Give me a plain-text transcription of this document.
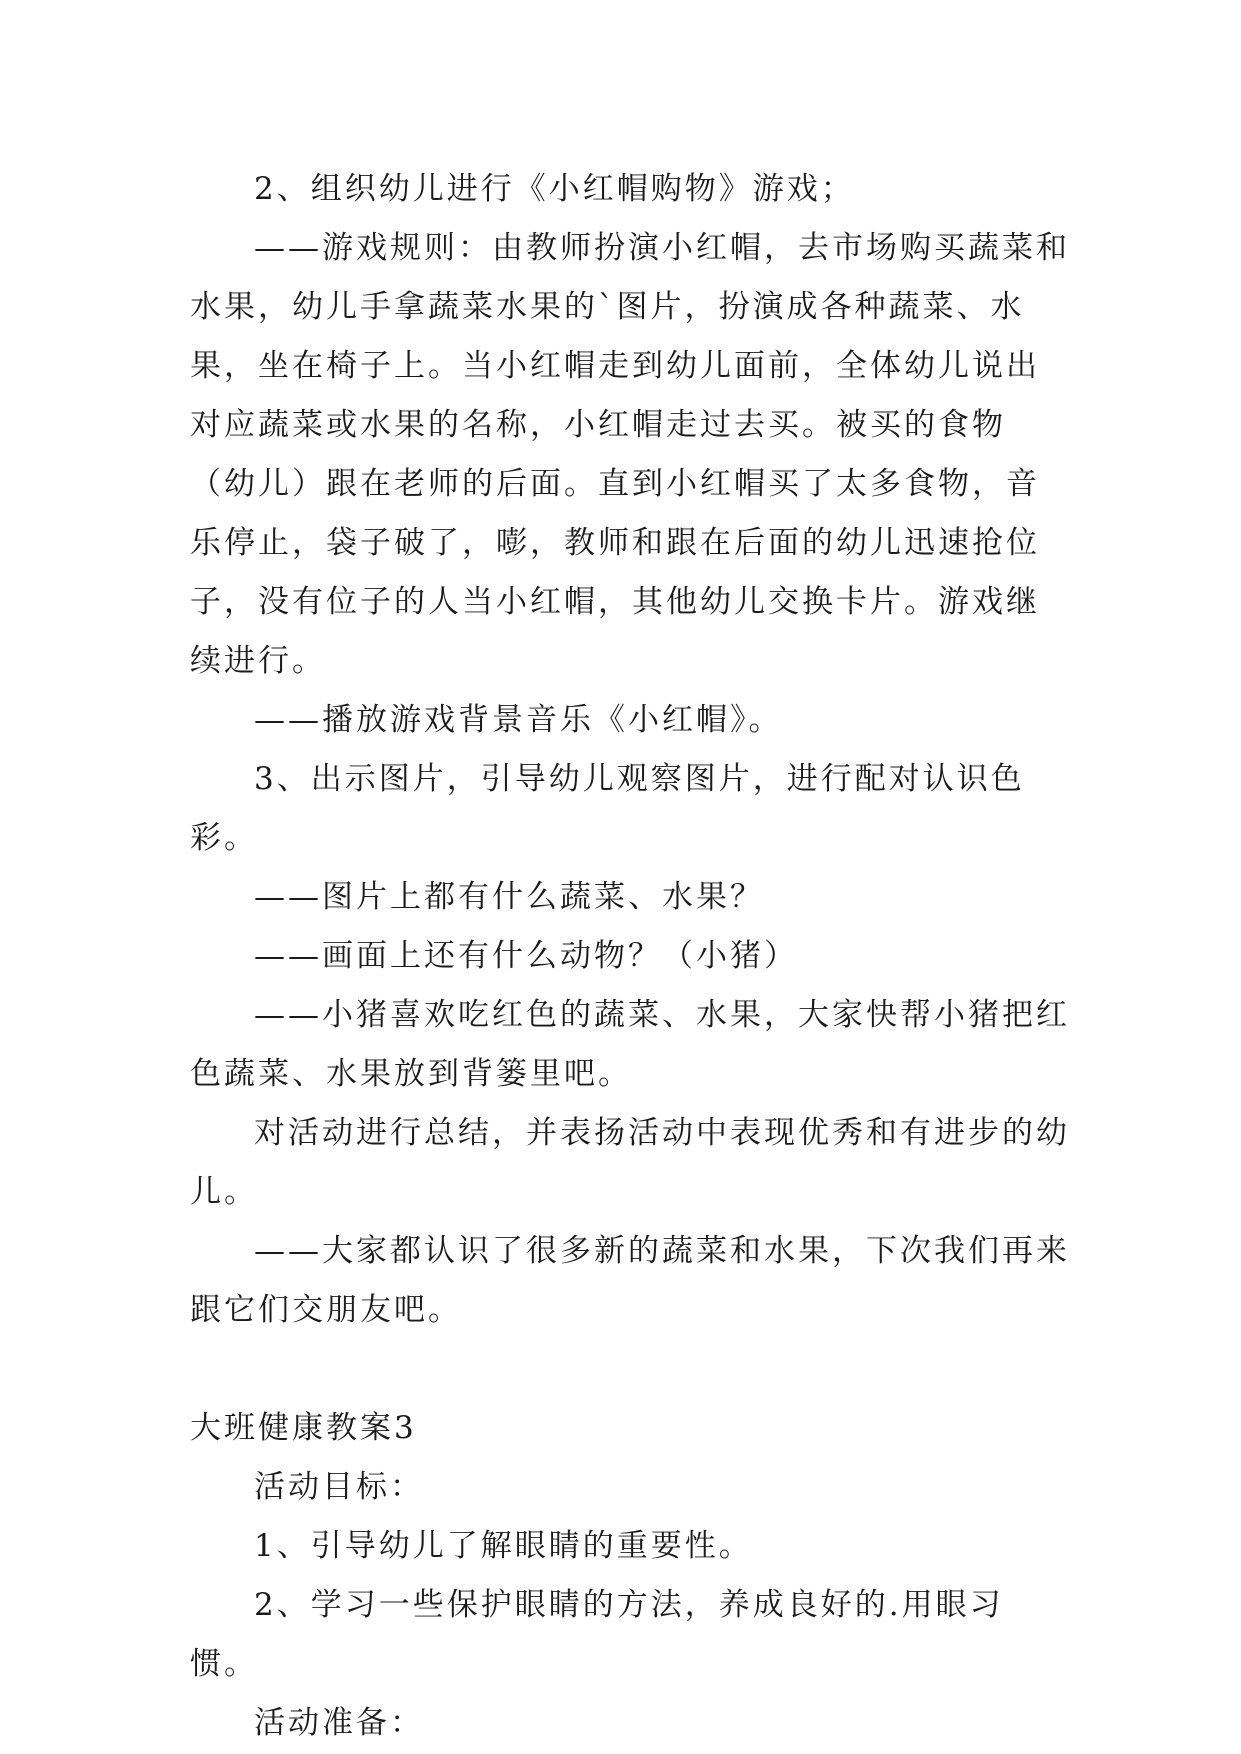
2、组织幼儿进行《小红帽购物》游戏；

——游戏规则：由教师扮演小红帽，去市场购买蔬菜和水果，幼儿手拿蔬菜水果的`图片，扮演成各种蔬菜、水果，坐在椅子上。当小红帽走到幼儿面前，全体幼儿说出对应蔬菜或水果的名称，小红帽走过去买。被买的食物（幼儿）跟在老师的后面。直到小红帽买了太多食物，音乐停止，袋子破了，嘭，教师和跟在后面的幼儿迅速抢位子，没有位子的人当小红帽，其他幼儿交换卡片。游戏继续进行。

——播放游戏背景音乐《小红帽》。

3、出示图片，引导幼儿观察图片，进行配对认识色彩。

——图片上都有什么蔬菜、水果？

——画面上还有什么动物？（小猪）

——小猪喜欢吃红色的蔬菜、水果，大家快帮小猪把红色蔬菜、水果放到背篓里吧。

对活动进行总结，并表扬活动中表现优秀和有进步的幼儿。

——大家都认识了很多新的蔬菜和水果，下次我们再来跟它们交朋友吧。

大班健康教案3

活动目标：

1、引导幼儿了解眼睛的重要性。

2、学习一些保护眼睛的方法，养成良好的.用眼习惯。

活动准备：
